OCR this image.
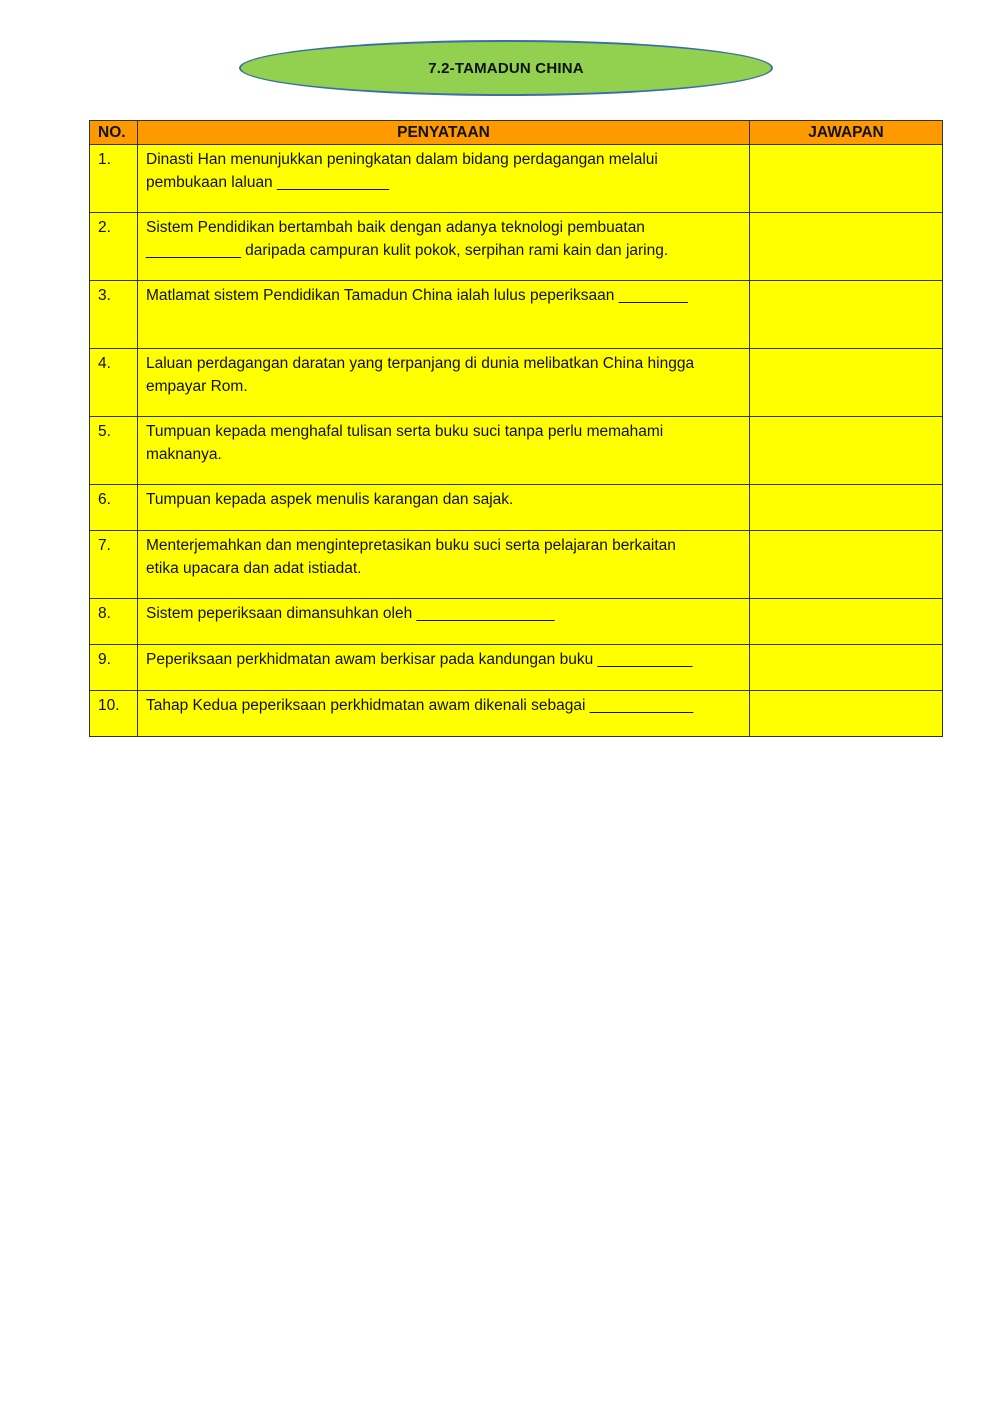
7.2-TAMADUN CHINA
NO.	PENYATAAN	JAWAPAN
1.	Dinasti Han menunjukkan peningkatan dalam bidang perdagangan melalui
pembukaan laluan _____________	

2.	Sistem Pendidikan bertambah baik dengan adanya teknologi pembuatan
___________ daripada campuran kulit pokok, serpihan rami kain dan jaring.	

3.	Matlamat sistem Pendidikan Tamadun China ialah lulus peperiksaan ________	

4.	Laluan perdagangan daratan yang terpanjang di dunia melibatkan China hingga
empayar Rom.	

5.	Tumpuan kepada menghafal tulisan serta buku suci tanpa perlu memahami
maknanya.	

6.	Tumpuan kepada aspek menulis karangan dan sajak.	

7.	Menterjemahkan dan mengintepretasikan buku suci serta pelajaran berkaitan
etika upacara dan adat istiadat.	

8.	Sistem peperiksaan dimansuhkan oleh ________________	

9.	Peperiksaan perkhidmatan awam berkisar pada kandungan buku ___________	

10.	Tahap Kedua peperiksaan perkhidmatan awam dikenali sebagai ____________	
